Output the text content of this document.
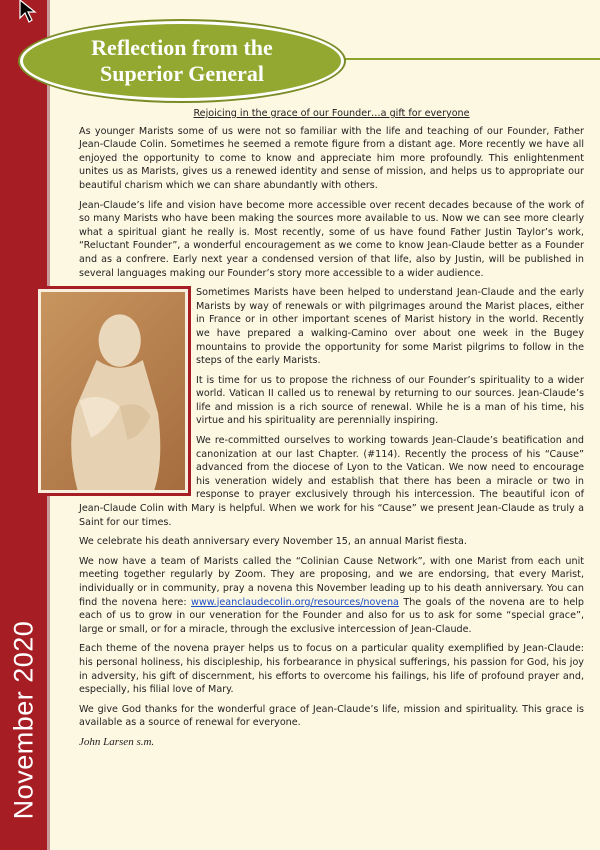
November 2020
Reflection from the
Superior General
Rejoicing in the grace of our Founder…a gift for everyone

As younger Marists some of us were not so familiar with the life and teaching of our Founder, Father Jean-Claude Colin. Sometimes he seemed a remote figure from a distant age. More recently we have all enjoyed the opportunity to come to know and appreciate him more profoundly. This enlightenment unites us as Marists, gives us a renewed identity and sense of mission, and helps us to appropriate our beautiful charism which we can share abundantly with others.

Jean-Claude’s life and vision have become more accessible over recent decades because of the work of so many Marists who have been making the sources more available to us. Now we can see more clearly what a spiritual giant he really is. Most recently, some of us have found Father Justin Taylor’s work, “Reluctant Founder”, a wonderful encouragement as we come to know Jean-Claude better as a Founder and as a confrere. Early next year a condensed version of that life, also by Justin, will be published in several languages making our Founder’s story more accessible to a wider audience.

Sometimes Marists have been helped to understand Jean-Claude and the early Marists by way of renewals or with pilgrimages around the Marist places, either in France or in other important scenes of Marist history in the world. Recently we have prepared a walking-Camino over about one week in the Bugey mountains to provide the opportunity for some Marist pilgrims to follow in the steps of the early Marists.

It is time for us to propose the richness of our Founder’s spirituality to a wider world. Vatican II called us to renewal by returning to our sources. Jean-Claude’s life and mission is a rich source of renewal. While he is a man of his time, his virtue and his spirituality are perennially inspiring.

We re-committed ourselves to working towards Jean-Claude’s beatification and canonization at our last Chapter. (#114). Recently the process of his “Cause” advanced from the diocese of Lyon to the Vatican. We now need to encourage his veneration widely and establish that there has been a miracle or two in response to prayer exclusively through his intercession. The beautiful icon of Jean-Claude Colin with Mary is helpful. When we work for his “Cause” we present Jean-Claude as truly a Saint for our times.

We celebrate his death anniversary every November 15, an annual Marist fiesta.

We now have a team of Marists called the “Colinian Cause Network”, with one Marist from each unit meeting together regularly by Zoom. They are proposing, and we are endorsing, that every Marist, individually or in community, pray a novena this November leading up to his death anniversary. You can find the novena here: www.jeanclaudecolin.org/resources/novena The goals of the novena are to help each of us to grow in our veneration for the Founder and also for us to ask for some “special grace”, large or small, or for a miracle, through the exclusive intercession of Jean-Claude.

Each theme of the novena prayer helps us to focus on a particular quality exemplified by Jean-Claude: his personal holiness, his discipleship, his forbearance in physical sufferings, his passion for God, his joy in adversity, his gift of discernment, his efforts to overcome his failings, his life of profound prayer and, especially, his filial love of Mary.

We give God thanks for the wonderful grace of Jean-Claude’s life, mission and spirituality. This grace is available as a source of renewal for everyone.

John Larsen s.m.
